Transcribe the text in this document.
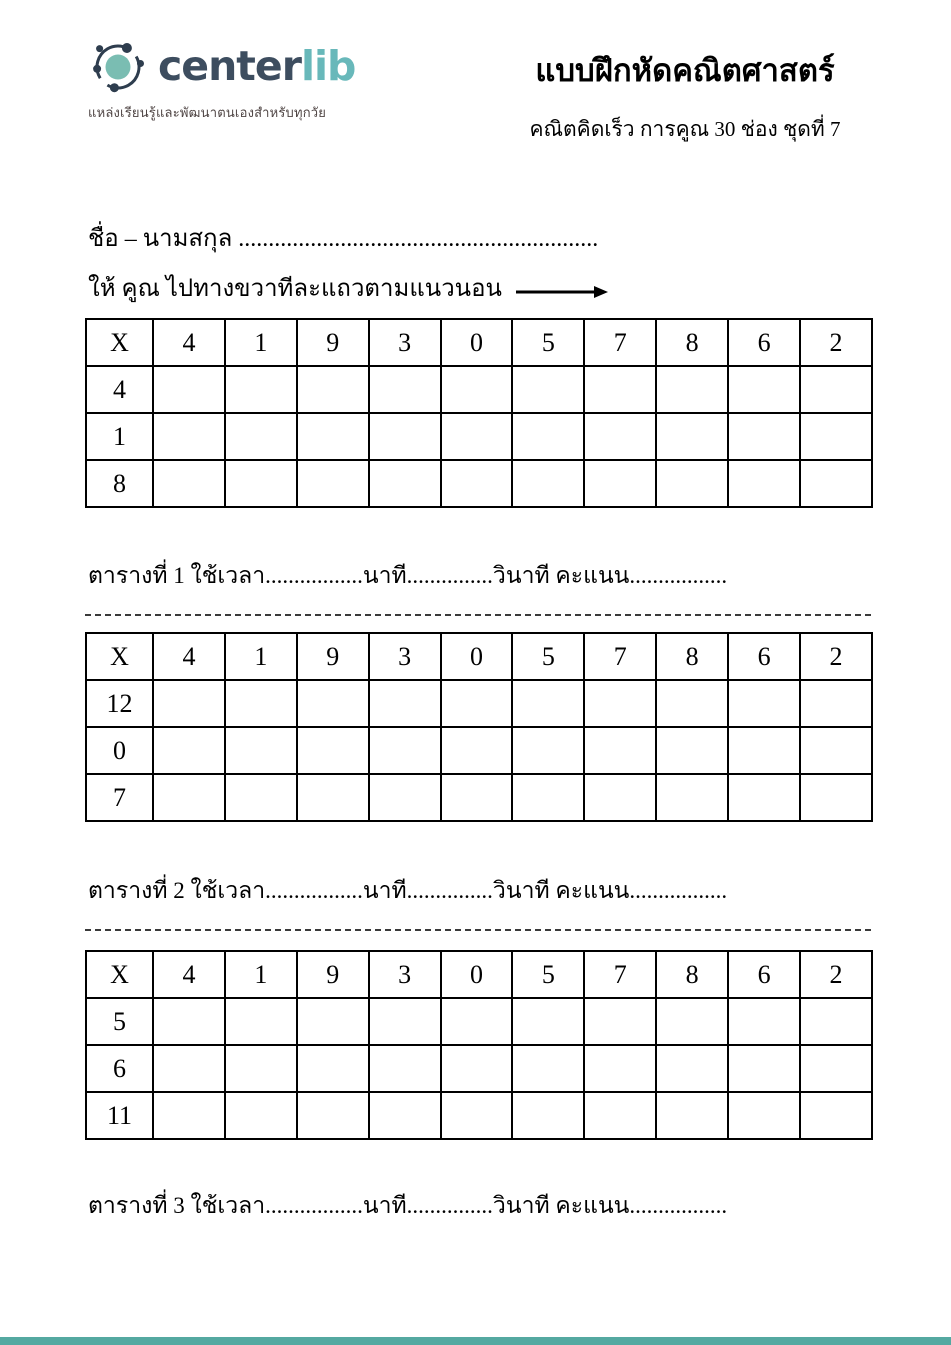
centerlib
แหล่งเรียนรู้และพัฒนาตนเองสำหรับทุกวัย
แบบฝึกหัดคณิตศาสตร์
คณิตคิดเร็ว การคูณ 30 ช่อง ชุดที่ 7
ชื่อ – นามสกุล ............................................................
ให้ คูณ ไปทางขวาทีละแถวตามแนวนอน
X	4	1	9	3	0	5	7	8	6	2
4										
1										
8										
ตารางที่ 1 ใช้เวลา.................นาที...............วินาที คะแนน.................
X	4	1	9	3	0	5	7	8	6	2
12										
0										
7										
ตารางที่ 2 ใช้เวลา.................นาที...............วินาที คะแนน.................
X	4	1	9	3	0	5	7	8	6	2
5										
6										
11										
ตารางที่ 3 ใช้เวลา.................นาที...............วินาที คะแนน.................
